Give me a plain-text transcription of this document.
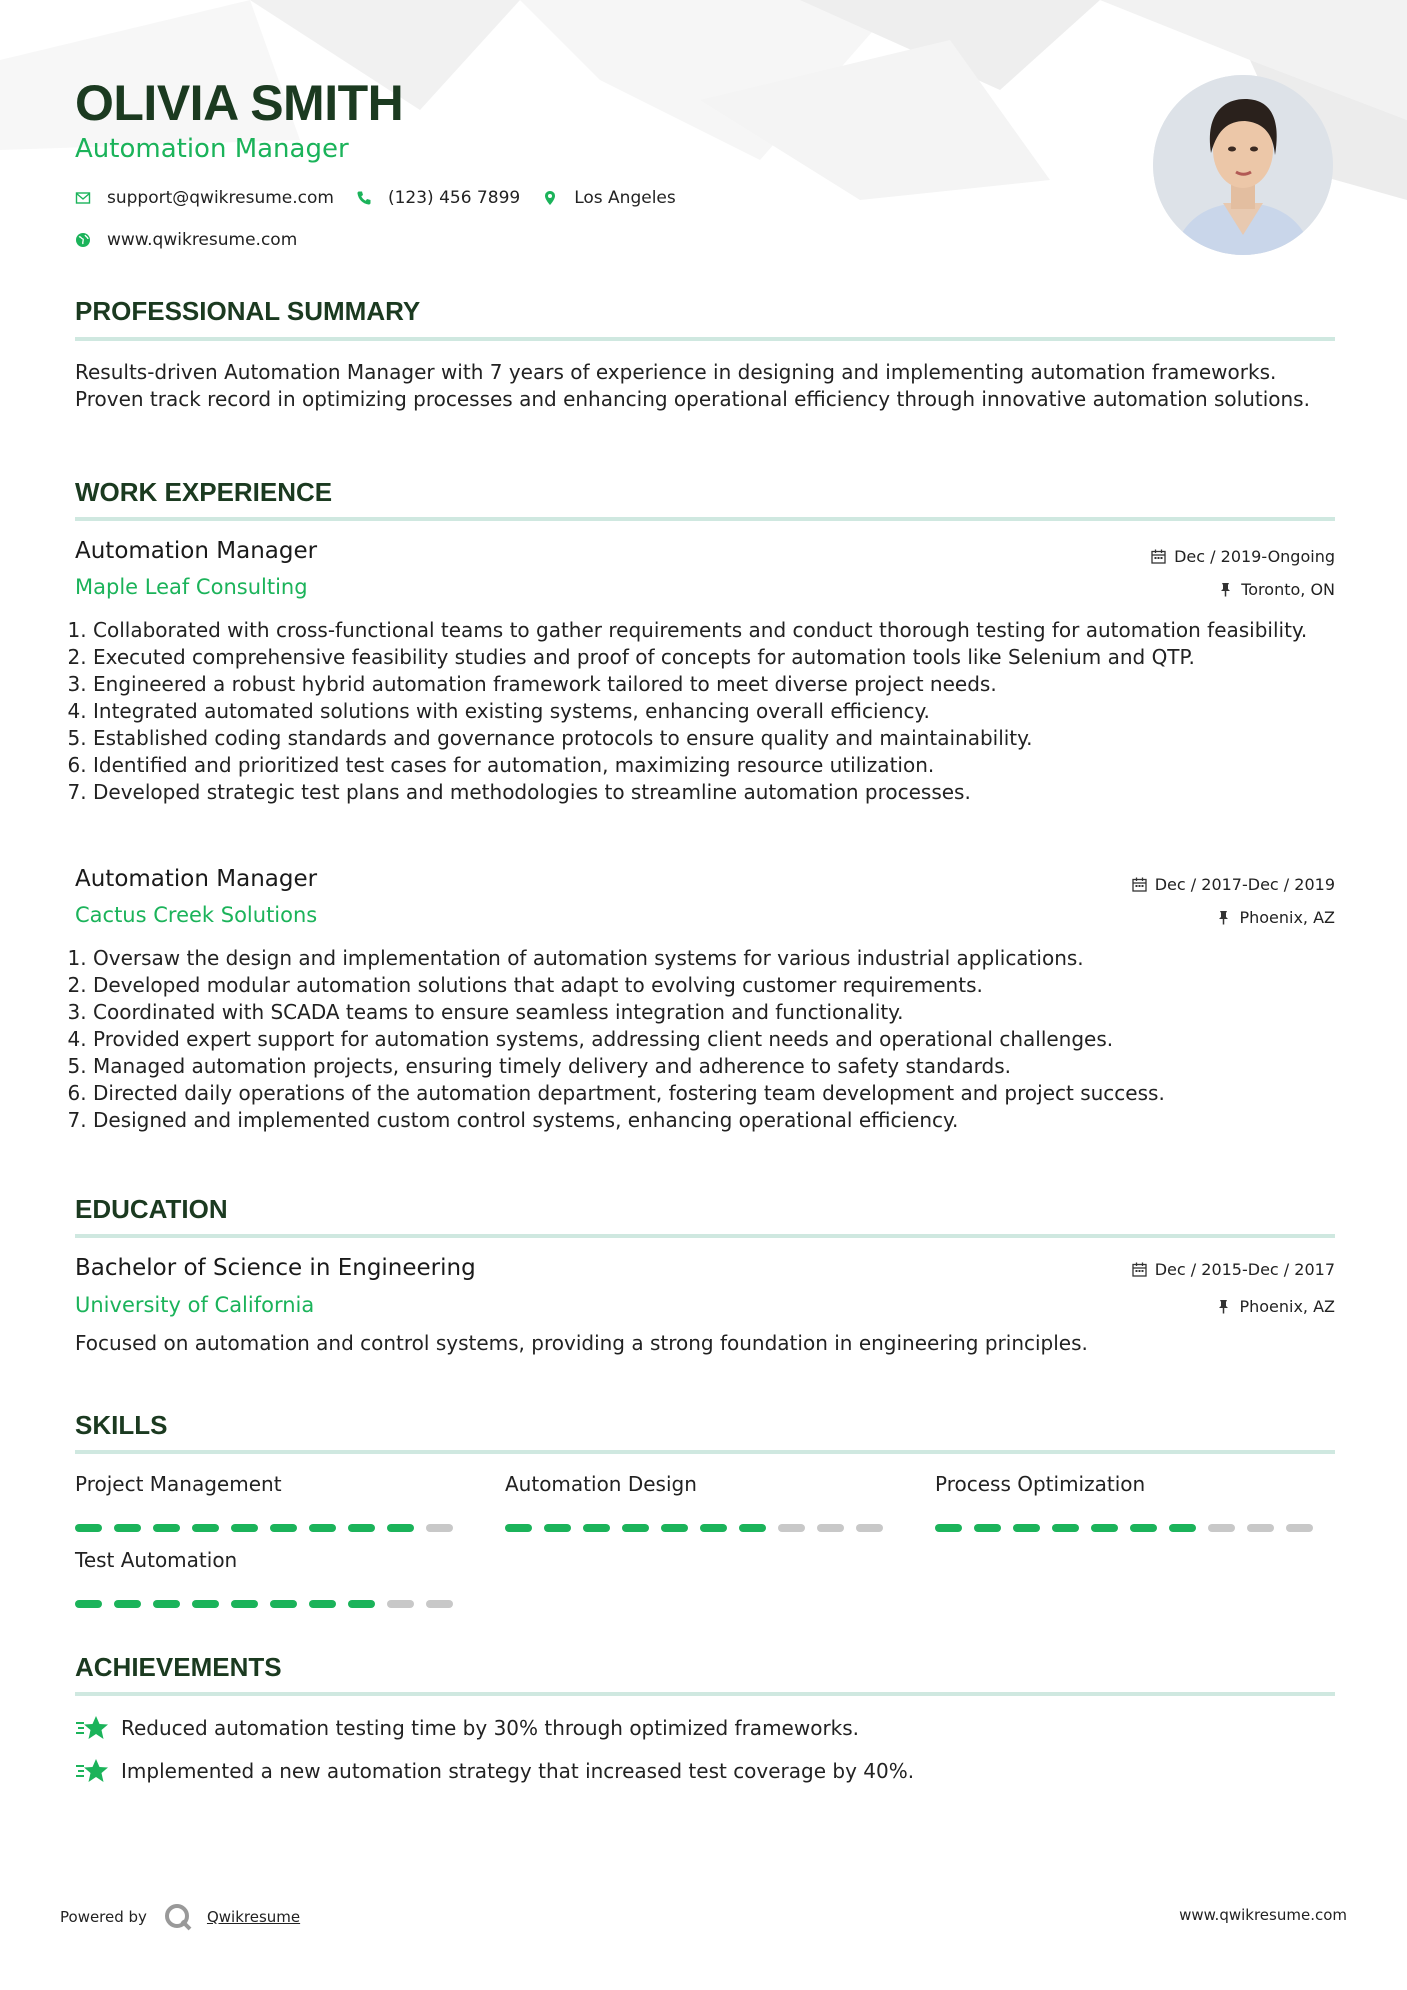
OLIVIA SMITH
Automation Manager
support@qwikresume.com	(123) 456 7899	Los Angeles
www.qwikresume.com
PROFESSIONAL SUMMARY
Results-driven Automation Manager with 7 years of experience in designing and implementing automation frameworks. Proven track record in optimizing processes and enhancing operational efficiency through innovative automation solutions.
WORK EXPERIENCE
Automation Manager	Dec / 2019-Ongoing
Maple Leaf Consulting	Toronto, ON
1. Collaborated with cross-functional teams to gather requirements and conduct thorough testing for automation feasibility.
2. Executed comprehensive feasibility studies and proof of concepts for automation tools like Selenium and QTP.
3. Engineered a robust hybrid automation framework tailored to meet diverse project needs.
4. Integrated automated solutions with existing systems, enhancing overall efficiency.
5. Established coding standards and governance protocols to ensure quality and maintainability.
6. Identified and prioritized test cases for automation, maximizing resource utilization.
7. Developed strategic test plans and methodologies to streamline automation processes.
Automation Manager	Dec / 2017-Dec / 2019
Cactus Creek Solutions	Phoenix, AZ
1. Oversaw the design and implementation of automation systems for various industrial applications.
2. Developed modular automation solutions that adapt to evolving customer requirements.
3. Coordinated with SCADA teams to ensure seamless integration and functionality.
4. Provided expert support for automation systems, addressing client needs and operational challenges.
5. Managed automation projects, ensuring timely delivery and adherence to safety standards.
6. Directed daily operations of the automation department, fostering team development and project success.
7. Designed and implemented custom control systems, enhancing operational efficiency.
EDUCATION
Bachelor of Science in Engineering	Dec / 2015-Dec / 2017
University of California	Phoenix, AZ
Focused on automation and control systems, providing a strong foundation in engineering principles.
SKILLS
Project Management	Automation Design	Process Optimization
Test Automation
ACHIEVEMENTS
Reduced automation testing time by 30% through optimized frameworks.
Implemented a new automation strategy that increased test coverage by 40%.
Powered by	Qwikresume	www.qwikresume.com
